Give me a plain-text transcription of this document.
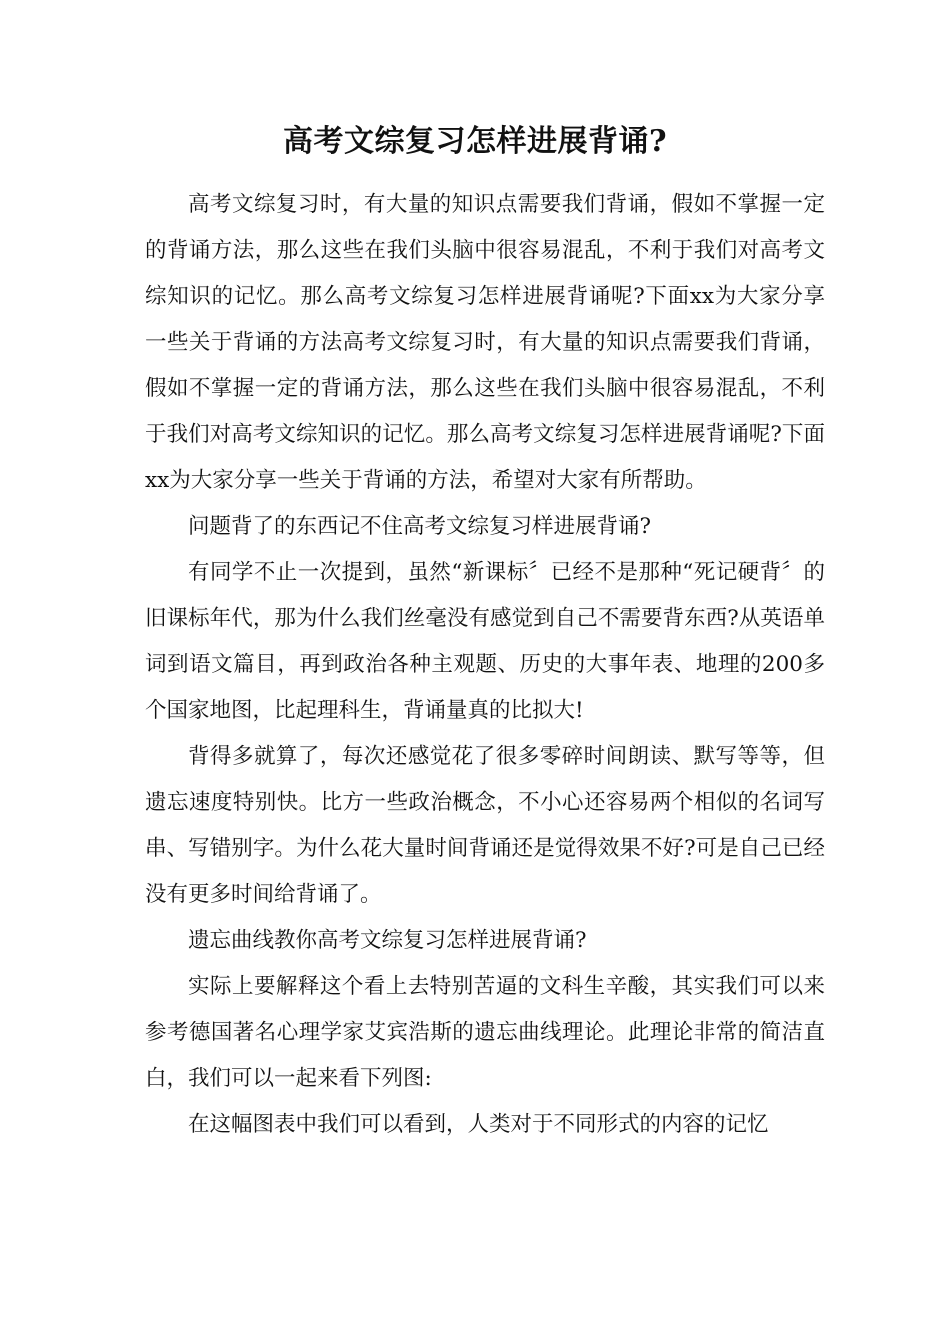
高考文综复习怎样进展背诵?

高考文综复习时，有大量的知识点需要我们背诵，假如不掌握一定的背诵方法，那么这些在我们头脑中很容易混乱，不利于我们对高考文综知识的记忆。那么高考文综复习怎样进展背诵呢?下面xx为大家分享一些关于背诵的方法高考文综复习时，有大量的知识点需要我们背诵，假如不掌握一定的背诵方法，那么这些在我们头脑中很容易混乱，不利于我们对高考文综知识的记忆。那么高考文综复习怎样进展背诵呢?下面xx为大家分享一些关于背诵的方法，希望对大家有所帮助。

问题背了的东西记不住高考文综复习样进展背诵?

有同学不止一次提到，虽然“新课标〞已经不是那种“死记硬背〞的旧课标年代，那为什么我们丝毫没有感觉到自己不需要背东西?从英语单词到语文篇目，再到政治各种主观题、历史的大事年表、地理的200多个国家地图，比起理科生，背诵量真的比拟大!

背得多就算了，每次还感觉花了很多零碎时间朗读、默写等等，但遗忘速度特别快。比方一些政治概念，不小心还容易两个相似的名词写串、写错别字。为什么花大量时间背诵还是觉得效果不好?可是自己已经没有更多时间给背诵了。

遗忘曲线教你高考文综复习怎样进展背诵?

实际上要解释这个看上去特别苦逼的文科生辛酸，其实我们可以来参考德国著名心理学家艾宾浩斯的遗忘曲线理论。此理论非常的简洁直白，我们可以一起来看下列图:

在这幅图表中我们可以看到，人类对于不同形式的内容的记忆
